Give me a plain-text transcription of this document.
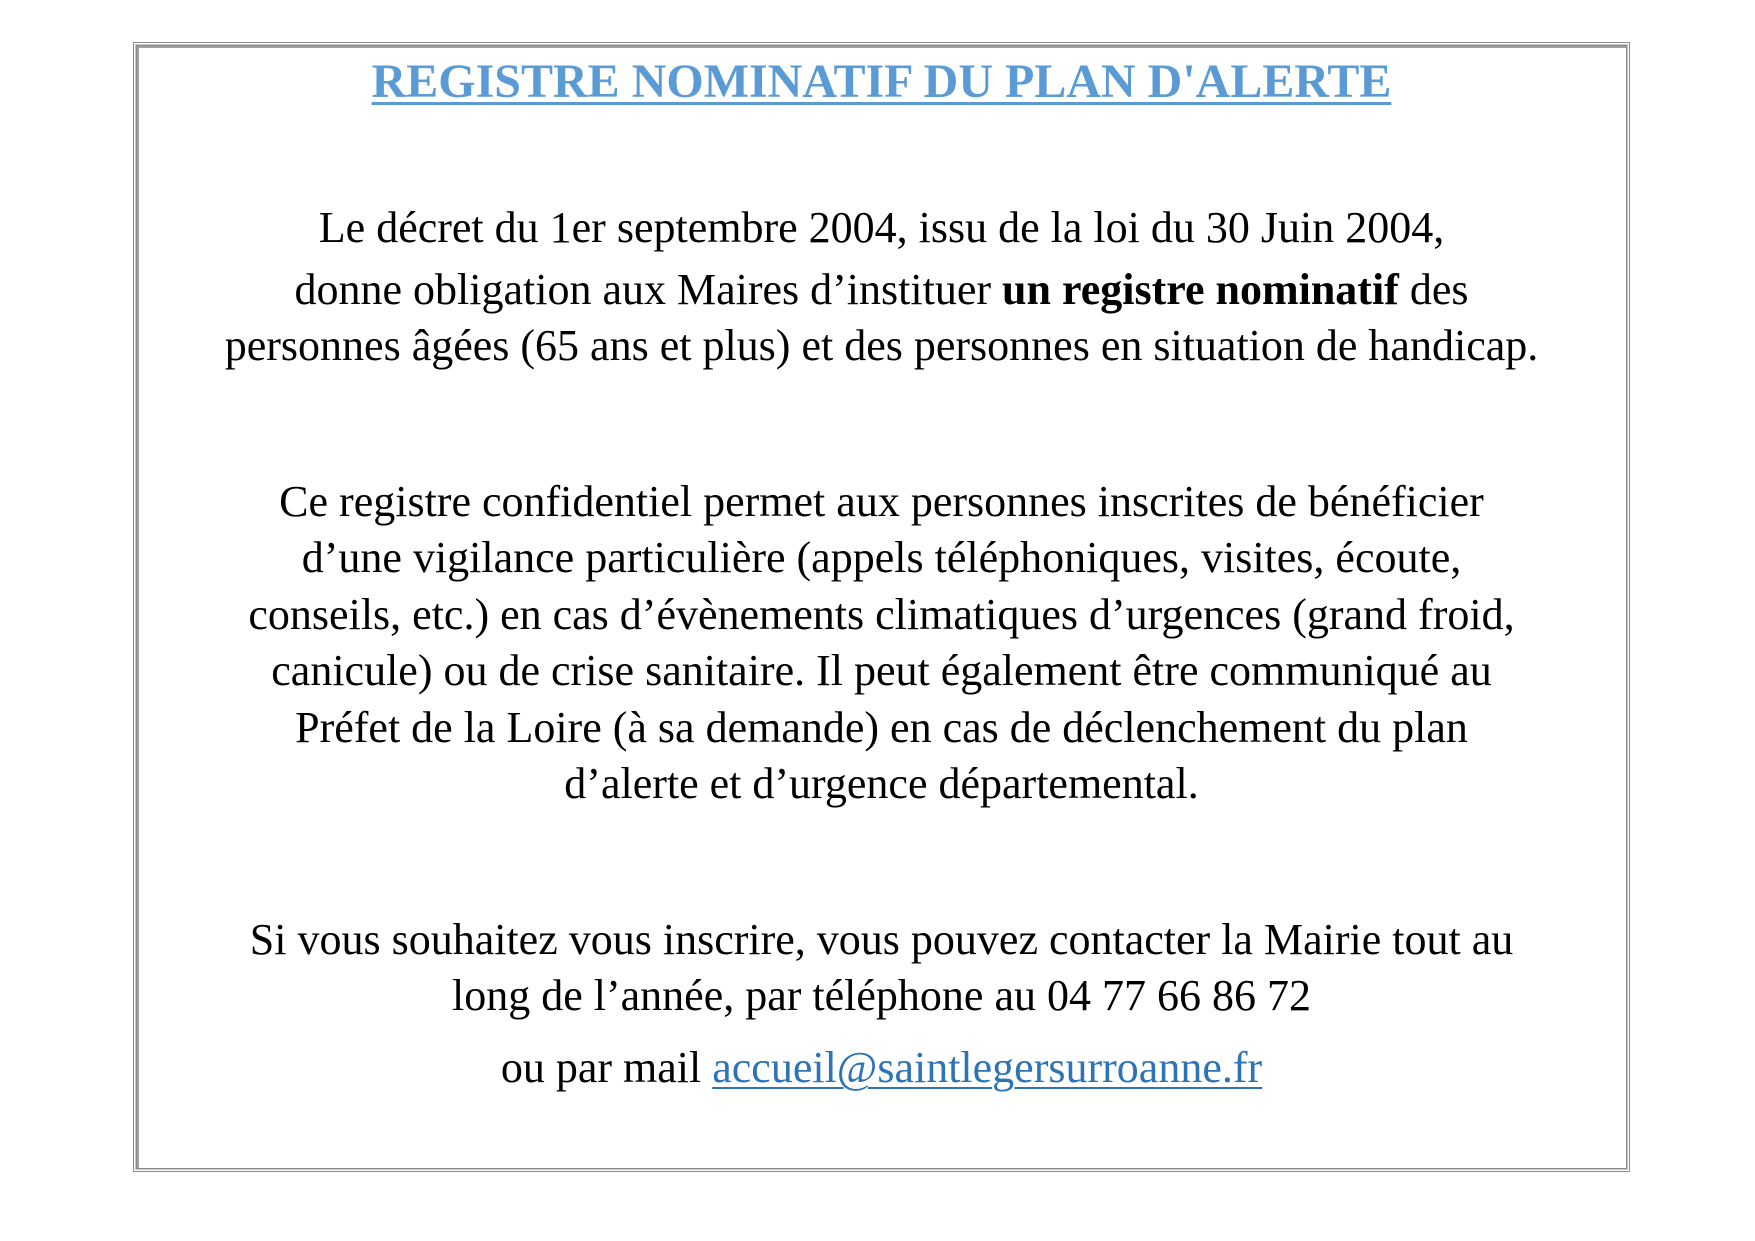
REGISTRE NOMINATIF DU PLAN D'ALERTE
Le décret du 1er septembre 2004, issu de la loi du 30 Juin 2004,
donne obligation aux Maires d’instituer un registre nominatif des
personnes âgées (65 ans et plus) et des personnes en situation de handicap.
Ce registre confidentiel permet aux personnes inscrites de bénéficier
d’une vigilance particulière (appels téléphoniques, visites, écoute,
conseils, etc.) en cas d’évènements climatiques d’urgences (grand froid,
canicule) ou de crise sanitaire. Il peut également être communiqué au
Préfet de la Loire (à sa demande) en cas de déclenchement du plan
d’alerte et d’urgence départemental.
Si vous souhaitez vous inscrire, vous pouvez contacter la Mairie tout au
long de l’année, par téléphone au 04 77 66 86 72
ou par mail accueil@saintlegersurroanne.fr
